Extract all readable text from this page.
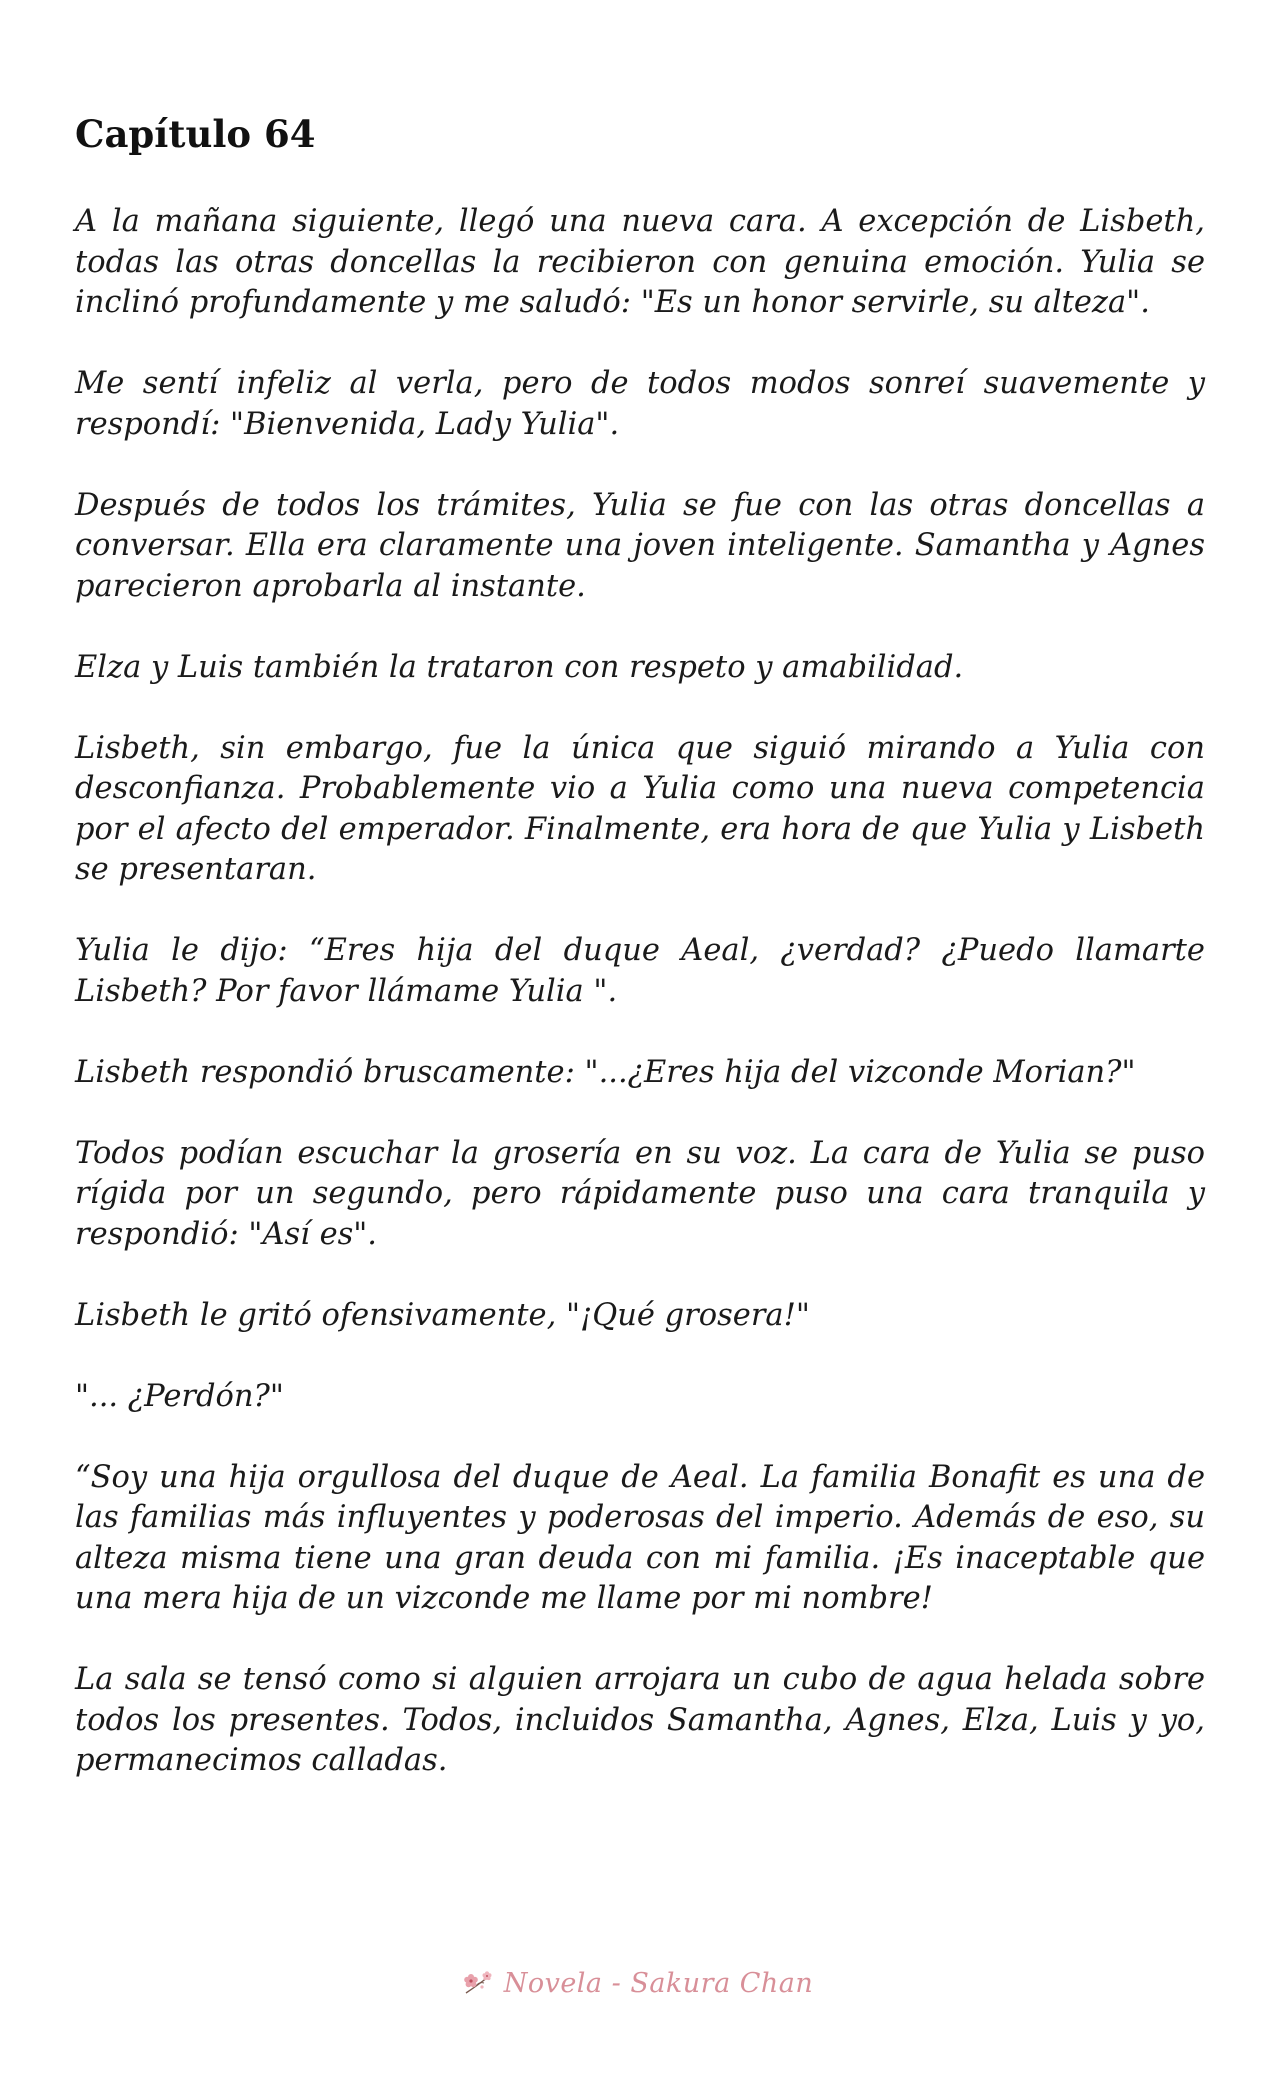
Capítulo 64

A la mañana siguiente, llegó una nueva cara. A excepción de Lisbeth, todas las otras doncellas la recibieron con genuina emoción. Yulia se inclinó profundamente y me saludó: "Es un honor servirle, su alteza".

Me sentí infeliz al verla, pero de todos modos sonreí suavemente y respondí: "Bienvenida, Lady Yulia".

Después de todos los trámites, Yulia se fue con las otras doncellas a conversar. Ella era claramente una joven inteligente. Samantha y Agnes parecieron aprobarla al instante.

Elza y Luis también la trataron con respeto y amabilidad.

Lisbeth, sin embargo, fue la única que siguió mirando a Yulia con desconfianza. Probablemente vio a Yulia como una nueva competencia por el afecto del emperador. Finalmente, era hora de que Yulia y Lisbeth se presentaran.

Yulia le dijo: “Eres hija del duque Aeal, ¿verdad? ¿Puedo llamarte Lisbeth? Por favor llámame Yulia ".

Lisbeth respondió bruscamente: "...¿Eres hija del vizconde Morian?"

Todos podían escuchar la grosería en su voz. La cara de Yulia se puso rígida por un segundo, pero rápidamente puso una cara tranquila y respondió: "Así es".

Lisbeth le gritó ofensivamente, "¡Qué grosera!"

"... ¿Perdón?"

“Soy una hija orgullosa del duque de Aeal. La familia Bonafit es una de las familias más influyentes y poderosas del imperio. Además de eso, su alteza misma tiene una gran deuda con mi familia. ¡Es inaceptable que una mera hija de un vizconde me llame por mi nombre!

La sala se tensó como si alguien arrojara un cubo de agua helada sobre todos los presentes. Todos, incluidos Samantha, Agnes, Elza, Luis y yo, permanecimos calladas.

Novela - Sakura Chan
